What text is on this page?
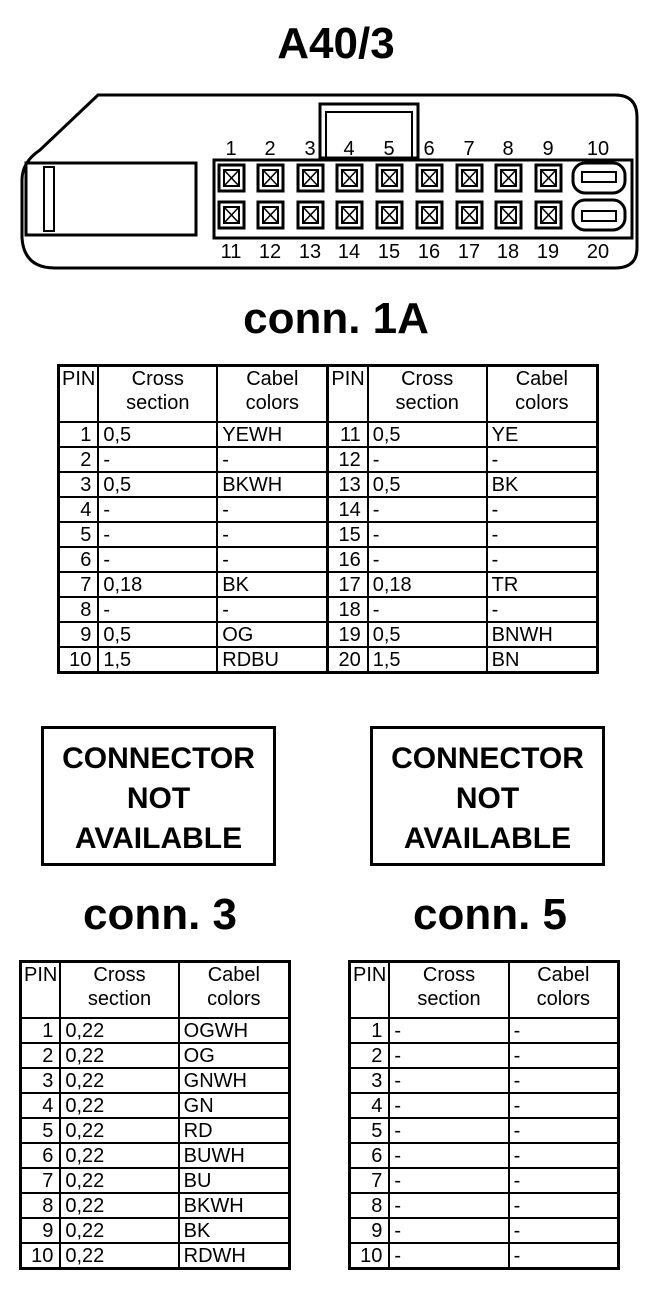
A40/3
1 2 3 4 5 6 7 8 9 10
11 12 13 14 15 16 17 18 19 20
conn. 1A
PIN	Cross section	Cabel colors	PIN	Cross section	Cabel colors
1	0,5	YEWH	11	0,5	YE
2	-	-	12	-	-
3	0,5	BKWH	13	0,5	BK
4	-	-	14	-	-
5	-	-	15	-	-
6	-	-	16	-	-
7	0,18	BK	17	0,18	TR
8	-	-	18	-	-
9	0,5	OG	19	0,5	BNWH
10	1,5	RDBU	20	1,5	BN
CONNECTOR
NOT
AVAILABLE
CONNECTOR
NOT
AVAILABLE
conn. 3	conn. 5
PIN	Cross section	Cabel colors
1	0,22	OGWH
2	0,22	OG
3	0,22	GNWH
4	0,22	GN
5	0,22	RD
6	0,22	BUWH
7	0,22	BU
8	0,22	BKWH
9	0,22	BK
10	0,22	RDWH
PIN	Cross section	Cabel colors
1	-	-
2	-	-
3	-	-
4	-	-
5	-	-
6	-	-
7	-	-
8	-	-
9	-	-
10	-	-
